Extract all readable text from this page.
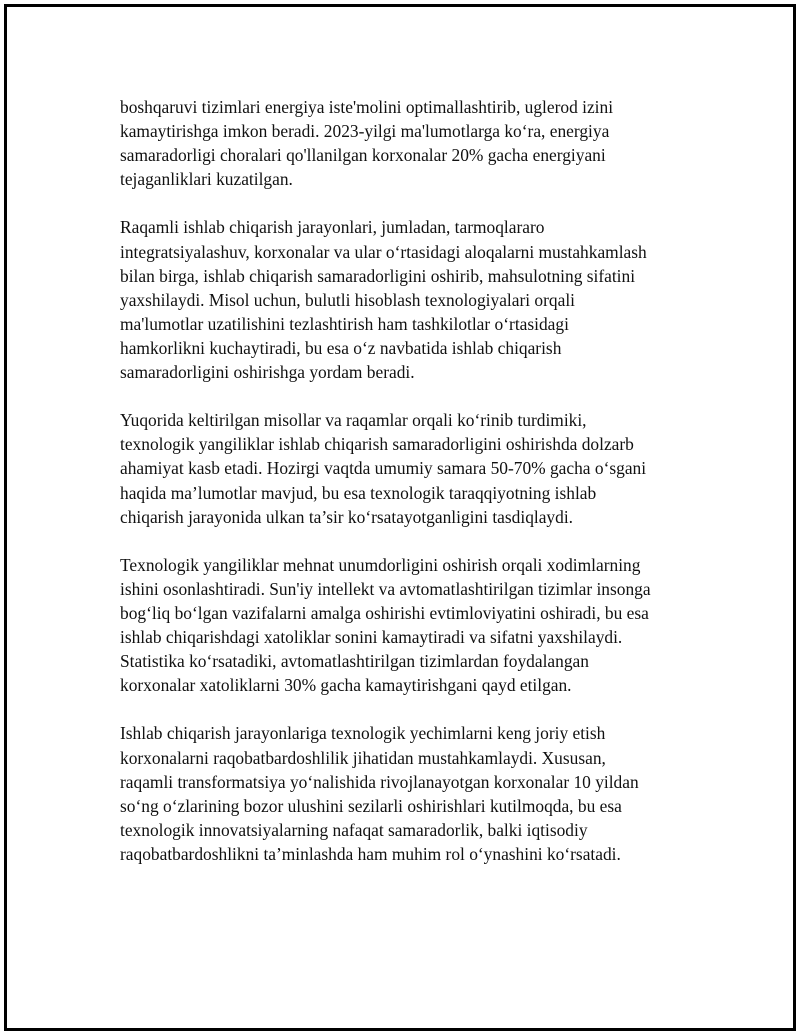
boshqaruvi tizimlari energiya iste'molini optimallashtirib, uglerod izini
kamaytirishga imkon beradi. 2023-yilgi ma'lumotlarga ko‘ra, energiya
samaradorligi choralari qo'llanilgan korxonalar 20% gacha energiyani
tejaganliklari kuzatilgan.

Raqamli ishlab chiqarish jarayonlari, jumladan, tarmoqlararo
integratsiyalashuv, korxonalar va ular o‘rtasidagi aloqalarni mustahkamlash
bilan birga, ishlab chiqarish samaradorligini oshirib, mahsulotning sifatini
yaxshilaydi. Misol uchun, bulutli hisoblash texnologiyalari orqali
ma'lumotlar uzatilishini tezlashtirish ham tashkilotlar o‘rtasidagi
hamkorlikni kuchaytiradi, bu esa o‘z navbatida ishlab chiqarish
samaradorligini oshirishga yordam beradi.

Yuqorida keltirilgan misollar va raqamlar orqali ko‘rinib turdimiki,
texnologik yangiliklar ishlab chiqarish samaradorligini oshirishda dolzarb
ahamiyat kasb etadi. Hozirgi vaqtda umumiy samara 50-70% gacha o‘sgani
haqida ma’lumotlar mavjud, bu esa texnologik taraqqiyotning ishlab
chiqarish jarayonida ulkan ta’sir ko‘rsatayotganligini tasdiqlaydi.

Texnologik yangiliklar mehnat unumdorligini oshirish orqali xodimlarning
ishini osonlashtiradi. Sun'iy intellekt va avtomatlashtirilgan tizimlar insonga
bog‘liq bo‘lgan vazifalarni amalga oshirishi evtimloviyatini oshiradi, bu esa
ishlab chiqarishdagi xatoliklar sonini kamaytiradi va sifatni yaxshilaydi.
Statistika ko‘rsatadiki, avtomatlashtirilgan tizimlardan foydalangan
korxonalar xatoliklarni 30% gacha kamaytirishgani qayd etilgan.

Ishlab chiqarish jarayonlariga texnologik yechimlarni keng joriy etish
korxonalarni raqobatbardoshlilik jihatidan mustahkamlaydi. Xususan,
raqamli transformatsiya yo‘nalishida rivojlanayotgan korxonalar 10 yildan
so‘ng o‘zlarining bozor ulushini sezilarli oshirishlari kutilmoqda, bu esa
texnologik innovatsiyalarning nafaqat samaradorlik, balki iqtisodiy
raqobatbardoshlikni ta’minlashda ham muhim rol o‘ynashini ko‘rsatadi.
